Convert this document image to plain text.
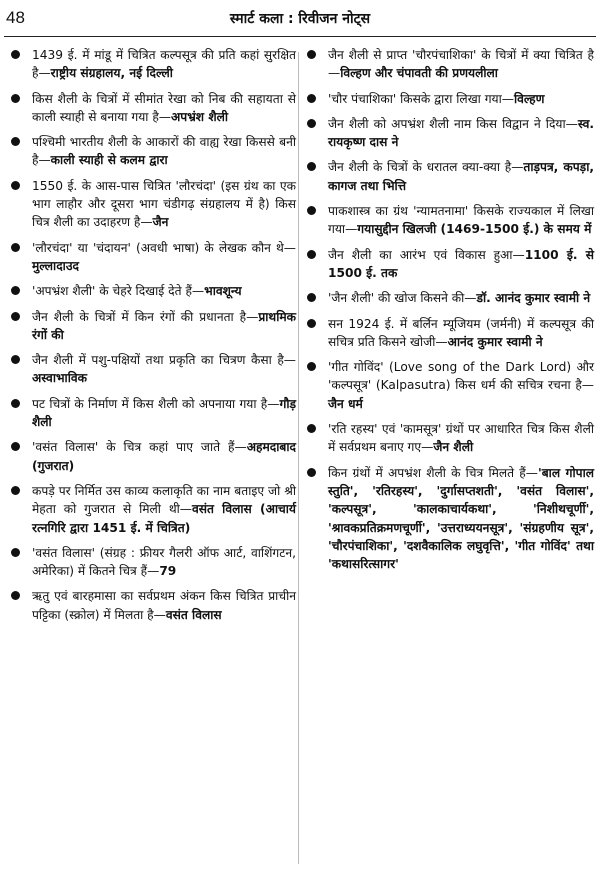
48	स्मार्ट कला : रिवीजन नोट्स
1439 ई. में मांडू में चित्रित कल्पसूत्र की प्रति कहां सुरक्षित है—राष्ट्रीय संग्रहालय, नई दिल्ली
किस शैली के चित्रों में सीमांत रेखा को निब की सहायता से काली स्याही से बनाया गया है—अपभ्रंश शैली
पश्चिमी भारतीय शैली के आकारों की वाह्य रेखा किससे बनी है—काली स्याही से कलम द्वारा
1550 ई. के आस-पास चित्रित 'लौरचंदा' (इस ग्रंथ का एक भाग लाहौर और दूसरा भाग चंडीगढ़ संग्रहालय में है) किस चित्र शैली का उदाहरण है—जैन
'लौरचंदा' या 'चंदायन' (अवधी भाषा) के लेखक कौन थे—मुल्लादाउद
'अपभ्रंश शैली' के चेहरे दिखाई देते हैं—भावशून्य
जैन शैली के चित्रों में किन रंगों की प्रधानता है—प्राथमिक रंगों की
जैन शैली में पशु-पक्षियों तथा प्रकृति का चित्रण कैसा है—अस्वाभाविक
पट चित्रों के निर्माण में किस शैली को अपनाया गया है—गौड़ शैली
'वसंत विलास' के चित्र कहां पाए जाते हैं—अहमदाबाद (गुजरात)
कपड़े पर निर्मित उस काव्य कलाकृति का नाम बताइए जो श्री मेहता को गुजरात से मिली थी—वसंत विलास (आचार्य रत्नगिरि द्वारा 1451 ई. में चित्रित)
'वसंत विलास' (संग्रह : फ्रीयर गैलरी ऑफ आर्ट, वाशिंगटन, अमेरिका) में कितने चित्र हैं—79
ऋतु एवं बारहमासा का सर्वप्रथम अंकन किस चित्रित प्राचीन पट्टिका (स्क्रोल) में मिलता है—वसंत विलास
जैन शैली से प्राप्त 'चौरपंचाशिका' के चित्रों में क्या चित्रित है—विल्हण और चंपावती की प्रणयलीला
'चौर पंचाशिका' किसके द्वारा लिखा गया—विल्हण
जैन शैली को अपभ्रंश शैली नाम किस विद्वान ने दिया—स्व. रायकृष्ण दास ने
जैन शैली के चित्रों के धरातल क्या-क्या है—ताड़पत्र, कपड़ा, कागज तथा भित्ति
पाकशास्त्र का ग्रंथ 'न्यामतनामा' किसके राज्यकाल में लिखा गया—गयासुद्दीन खिलजी (1469-1500 ई.) के समय में
जैन शैली का आरंभ एवं विकास हुआ—1100 ई. से 1500 ई. तक
'जैन शैली' की खोज किसने की—डॉ. आनंद कुमार स्वामी ने
सन 1924 ई. में बर्लिन म्यूजियम (जर्मनी) में कल्पसूत्र की सचित्र प्रति किसने खोजी—आनंद कुमार स्वामी ने
'गीत गोविंद' (Love song of the Dark Lord) और 'कल्पसूत्र' (Kalpasutra) किस धर्म की सचित्र रचना है—जैन धर्म
'रति रहस्य' एवं 'कामसूत्र' ग्रंथों पर आधारित चित्र किस शैली में सर्वप्रथम बनाए गए—जैन शैली
किन ग्रंथों में अपभ्रंश शैली के चित्र मिलते हैं—'बाल गोपाल स्तुति', 'रतिरहस्य', 'दुर्गासप्तशती', 'वसंत विलास', 'कल्पसूत्र', 'कालकाचार्यकथा', 'निशीथचूर्णी', 'श्रावकप्रतिक्रमणचूर्णी', 'उत्तराध्ययनसूत्र', 'संग्रहणीय सूत्र', 'चौरपंचाशिका', 'दशवैकालिक लघुवृत्ति', 'गीत गोविंद' तथा 'कथासरित्सागर'
